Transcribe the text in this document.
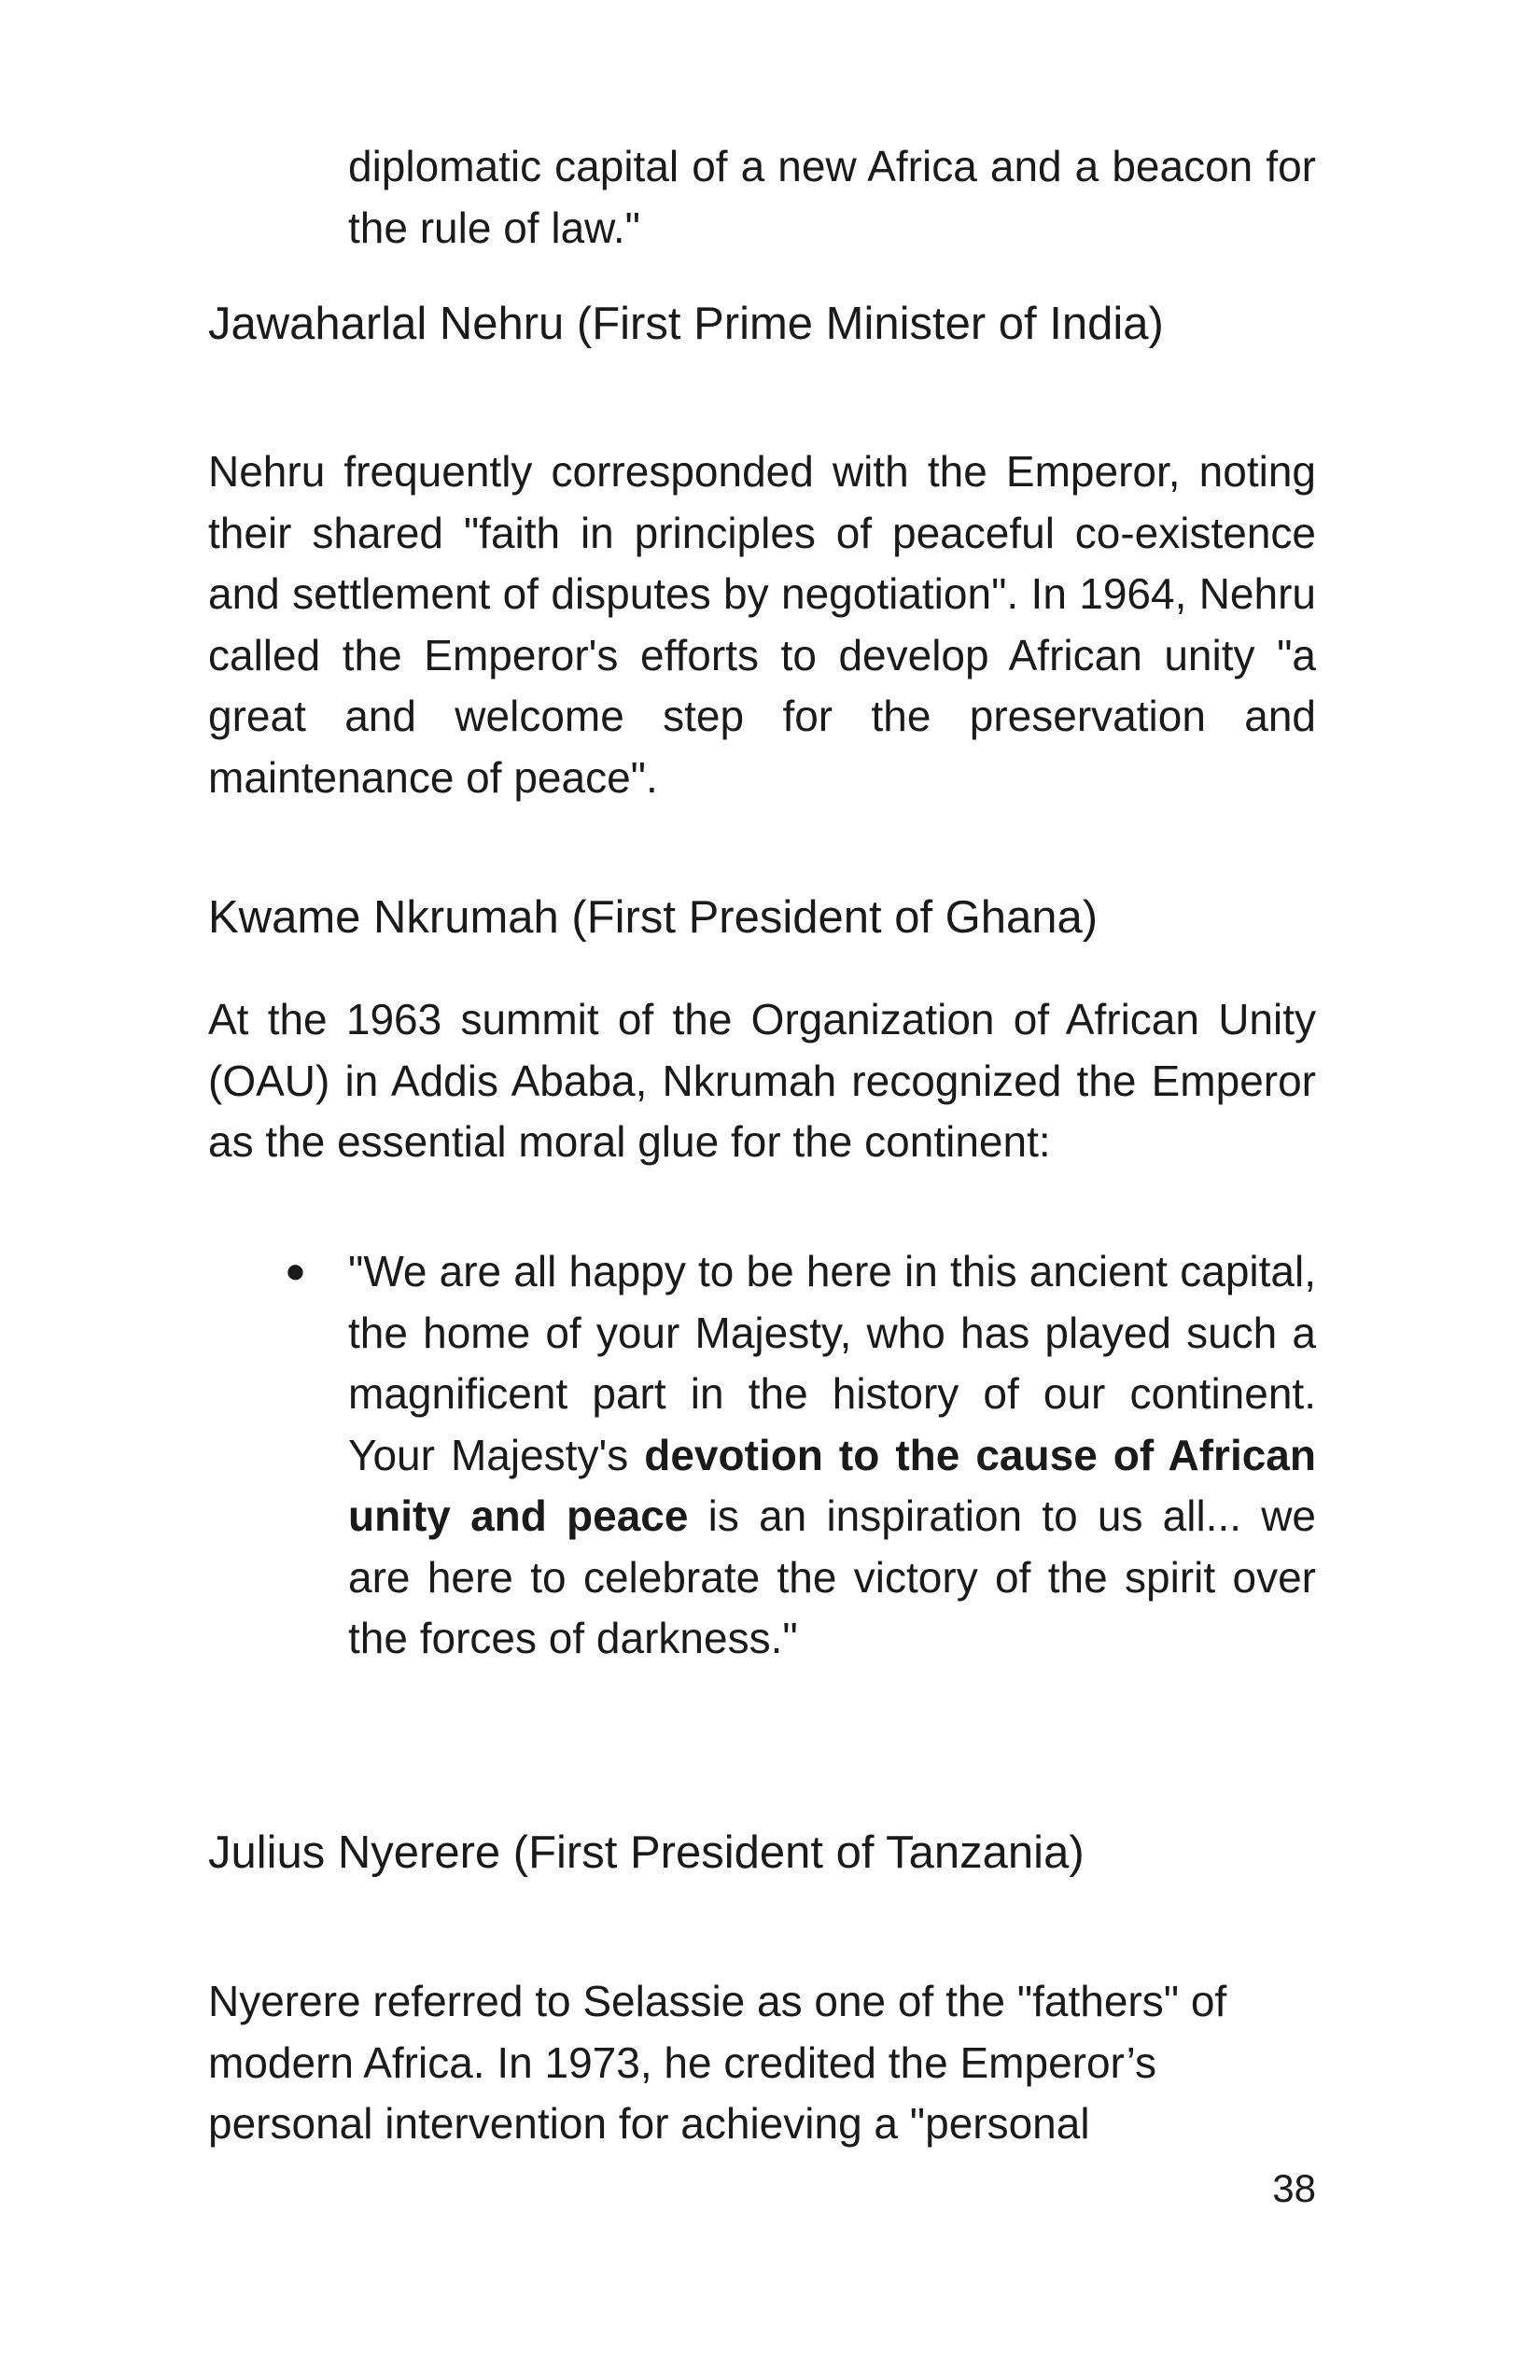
diplomatic capital of a new Africa and a beacon for the rule of law."

Jawaharlal Nehru (First Prime Minister of India)

Nehru frequently corresponded with the Emperor, noting their shared "faith in principles of peaceful co-existence and settlement of disputes by negotiation". In 1964, Nehru called the Emperor's efforts to develop African unity "a great and welcome step for the preservation and maintenance of peace".

Kwame Nkrumah (First President of Ghana)

At the 1963 summit of the Organization of African Unity (OAU) in Addis Ababa, Nkrumah recognized the Emperor as the essential moral glue for the continent:

● "We are all happy to be here in this ancient capital, the home of your Majesty, who has played such a magnificent part in the history of our continent. Your Majesty's devotion to the cause of African unity and peace is an inspiration to us all... we are here to celebrate the victory of the spirit over the forces of darkness."
Julius Nyerere (First President of Tanzania)

Nyerere referred to Selassie as one of the "fathers" of modern Africa. In 1973, he credited the Emperor’s personal intervention for achieving a "personal

38
